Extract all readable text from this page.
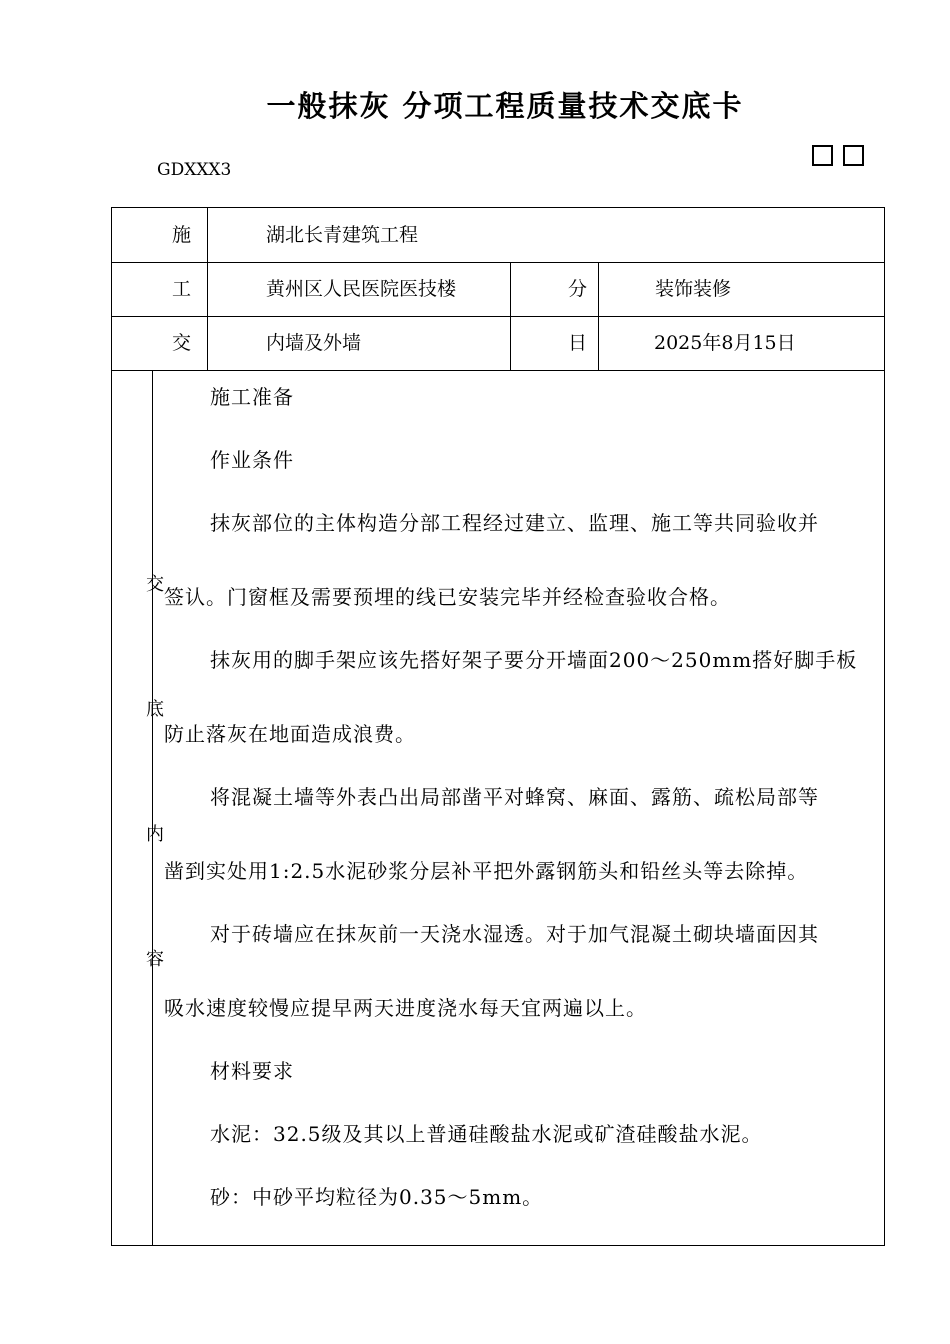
一般抹灰 分项工程质量技术交底卡
GDXXX3
施	湖北长青建筑工程
工	黄州区人民医院医技楼	分	装饰装修
交	内墙及外墙	日	2025年8月15日
交
底
内
容
施工准备
作业条件
抹灰部位的主体构造分部工程经过建立、监理、施工等共同验收并
签认。门窗框及需要预埋的线已安装完毕并经检查验收合格。
抹灰用的脚手架应该先搭好架子要分开墙面200～250mm搭好脚手板
防止落灰在地面造成浪费。
将混凝土墙等外表凸出局部凿平对蜂窝、麻面、露筋、疏松局部等
凿到实处用1:2.5水泥砂浆分层补平把外露钢筋头和铅丝头等去除掉。
对于砖墙应在抹灰前一天浇水湿透。对于加气混凝土砌块墙面因其
吸水速度较慢应提早两天进度浇水每天宜两遍以上。
材料要求
水泥：32.5级及其以上普通硅酸盐水泥或矿渣硅酸盐水泥。
砂：中砂平均粒径为0.35～5mm。
